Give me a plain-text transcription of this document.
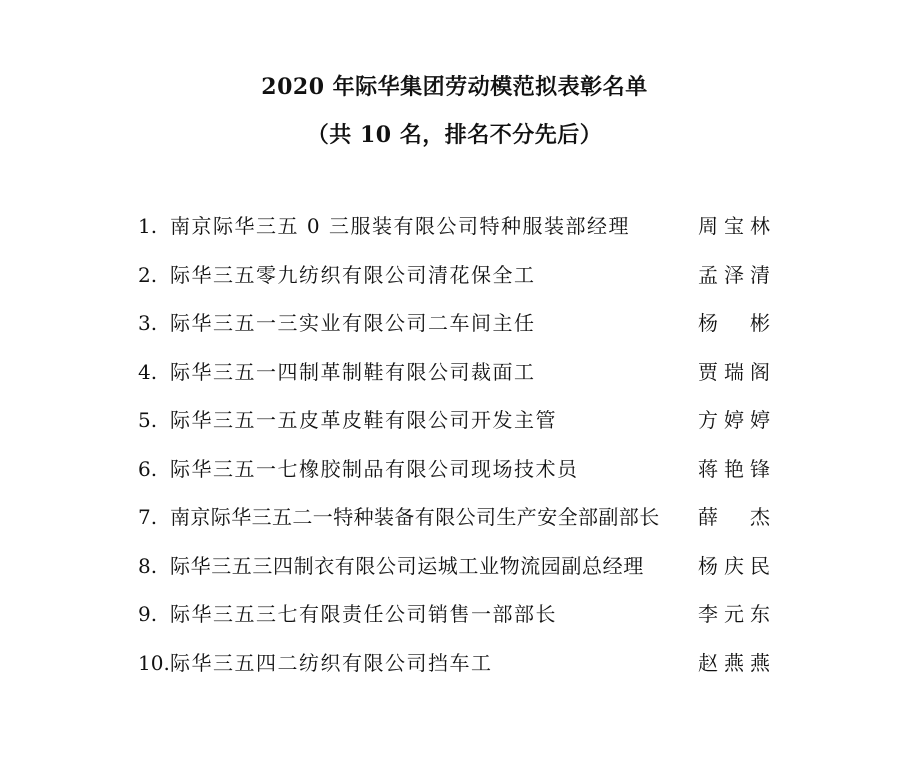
2020 年际华集团劳动模范拟表彰名单
（共 10 名，排名不分先后）
1. 南京际华三五 0 三服装有限公司特种服装部经理	周宝林
2. 际华三五零九纺织有限公司清花保全工	孟泽清
3. 际华三五一三实业有限公司二车间主任	杨 彬
4. 际华三五一四制革制鞋有限公司裁面工	贾瑞阁
5. 际华三五一五皮革皮鞋有限公司开发主管	方婷婷
6. 际华三五一七橡胶制品有限公司现场技术员	蒋艳锋
7. 南京际华三五二一特种装备有限公司生产安全部副部长 薛 杰
8. 际华三五三四制衣有限公司运城工业物流园副总经理	杨庆民
9. 际华三五三七有限责任公司销售一部部长	李元东
10. 际华三五四二纺织有限公司挡车工	赵燕燕
